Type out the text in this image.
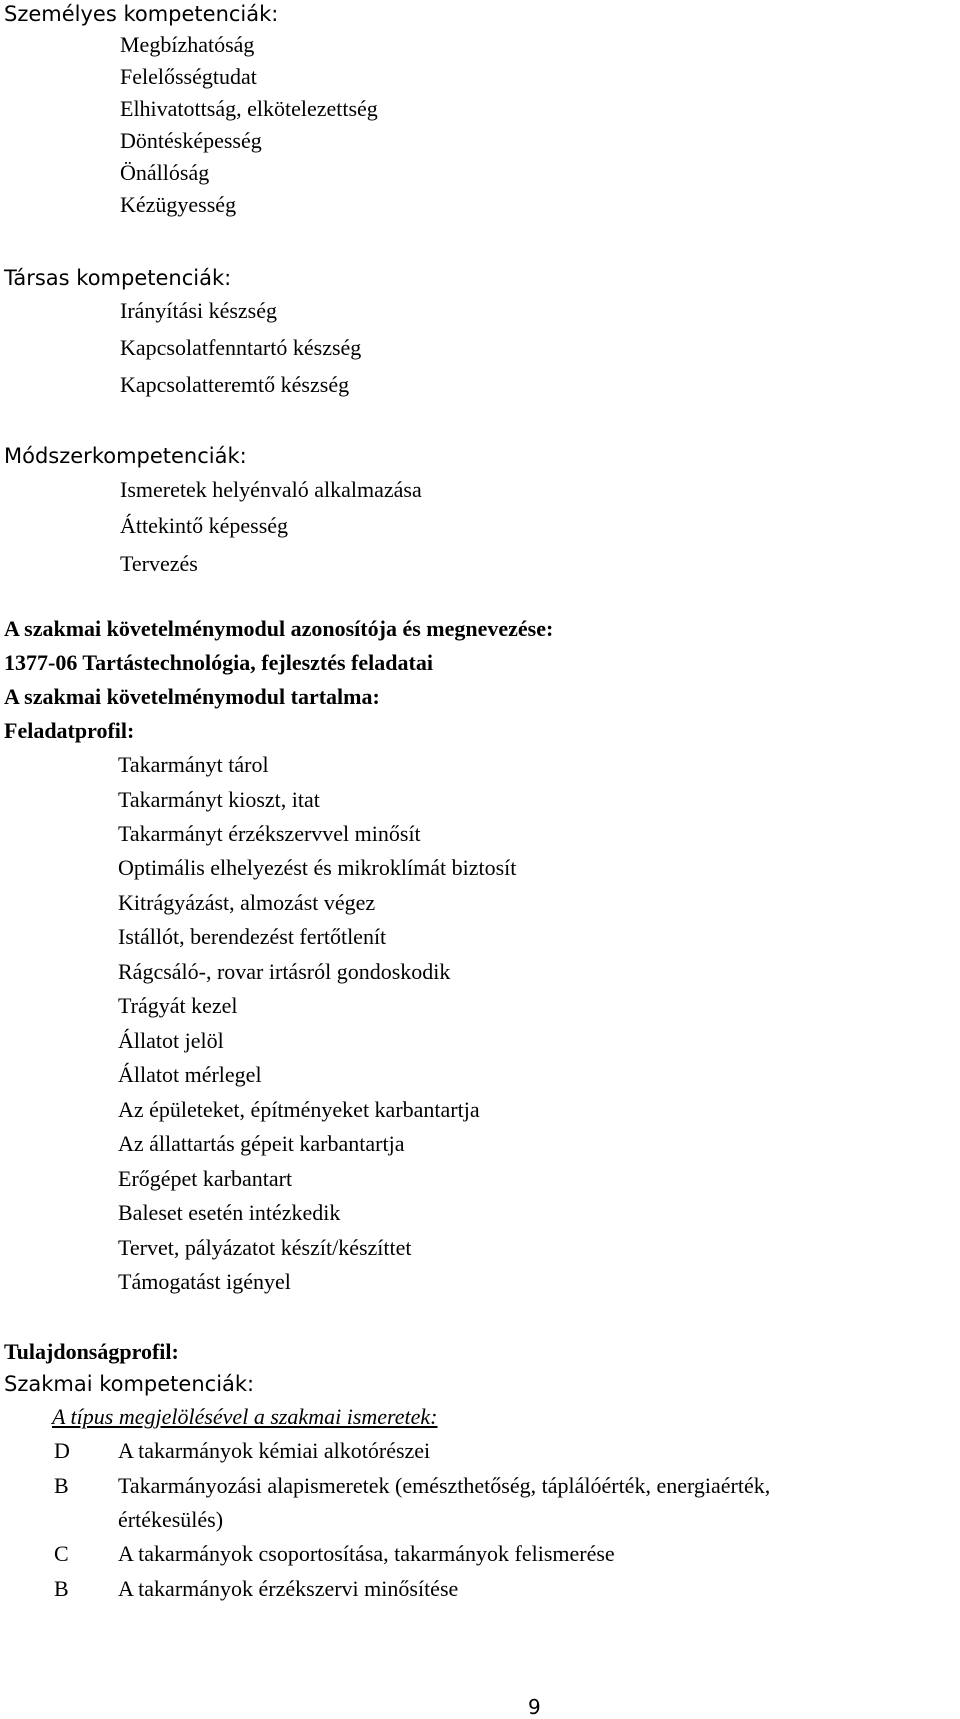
Személyes kompetenciák:
Megbízhatóság
Felelősségtudat
Elhivatottság, elkötelezettség
Döntésképesség
Önállóság
Kézügyesség
Társas kompetenciák:
Irányítási készség
Kapcsolatfenntartó készség
Kapcsolatteremtő készség
Módszerkompetenciák:
Ismeretek helyénvaló alkalmazása
Áttekintő képesség
Tervezés
A szakmai követelménymodul azonosítója és megnevezése:
1377-06 Tartástechnológia, fejlesztés feladatai
A szakmai követelménymodul tartalma:
Feladatprofil:
Takarmányt tárol
Takarmányt kioszt, itat
Takarmányt érzékszervvel minősít
Optimális elhelyezést és mikroklímát biztosít
Kitrágyázást, almozást végez
Istállót, berendezést fertőtlenít
Rágcsáló-, rovar irtásról gondoskodik
Trágyát kezel
Állatot jelöl
Állatot mérlegel
Az épületeket, építményeket karbantartja
Az állattartás gépeit karbantartja
Erőgépet karbantart
Baleset esetén intézkedik
Tervet, pályázatot készít/készíttet
Támogatást igényel
Tulajdonságprofil:
Szakmai kompetenciák:
A típus megjelölésével a szakmai ismeretek:
D A takarmányok kémiai alkotórészei
B Takarmányozási alapismeretek (emészthetőség, táplálóérték, energiaérték,
értékesülés)
C A takarmányok csoportosítása, takarmányok felismerése
B A takarmányok érzékszervi minősítése
9
